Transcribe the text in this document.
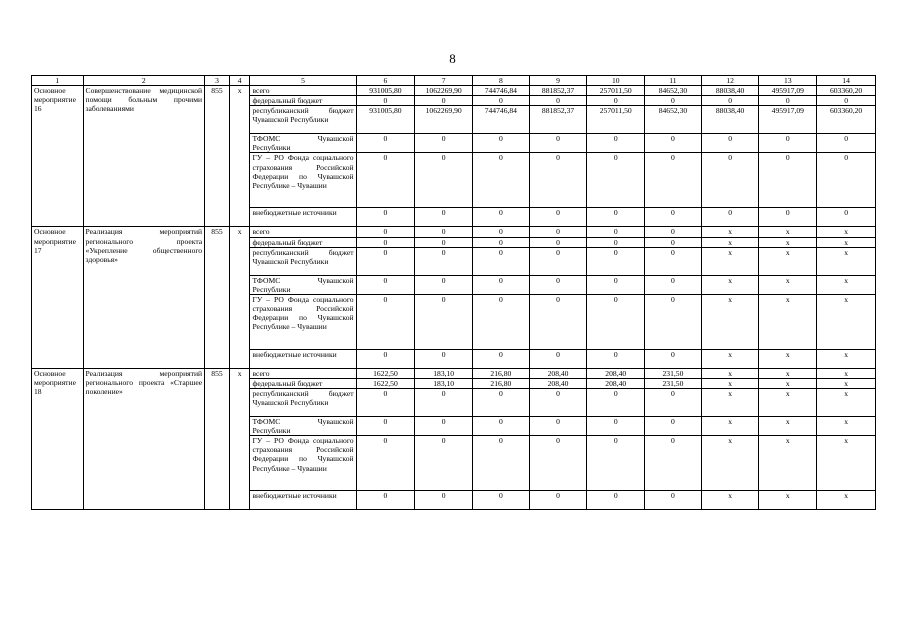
8
1	2	3	4	5	6	7	8	9	10	11	12	13	14
Основное мероприятие 16	Совершенствование медицинской помощи больным прочими заболеваниями	855	x	всего	931005,80	1062269,90	744746,84	881852,37	257011,50	84652,30	88038,40	495917,09	603360,20
				федеральный бюджет	0	0	0	0	0	0	0	0	0
				республиканский бюджет Чувашской Республики	931005,80	1062269,90	744746,84	881852,37	257011,50	84652,30	88038,40	495917,09	603360,20
				ТФОМС Чувашской Республики	0	0	0	0	0	0	0	0	0
				ГУ – РО Фонда социального страхования Российской Федерации по Чувашской Республике – Чувашии	0	0	0	0	0	0	0	0	0
				внебюджетные источники	0	0	0	0	0	0	0	0	0
Основное мероприятие 17	Реализация мероприятий регионального проекта «Укрепление общественного здоровья»	855	x	всего	0	0	0	0	0	0	x	x	x
				федеральный бюджет	0	0	0	0	0	0	x	x	x
				республиканский бюджет Чувашской Республики	0	0	0	0	0	0	x	x	x
				ТФОМС Чувашской Республики	0	0	0	0	0	0	x	x	x
				ГУ – РО Фонда социального страхования Российской Федерации по Чувашской Республике – Чувашии	0	0	0	0	0	0	x	x	x
				внебюджетные источники	0	0	0	0	0	0	x	x	x
Основное мероприятие 18	Реализация мероприятий регионального проекта «Старшее поколение»	855	x	всего	1622,50	183,10	216,80	208,40	208,40	231,50	x	x	x
				федеральный бюджет	1622,50	183,10	216,80	208,40	208,40	231,50	x	x	x
				республиканский бюджет Чувашской Республики	0	0	0	0	0	0	x	x	x
				ТФОМС Чувашской Республики	0	0	0	0	0	0	x	x	x
				ГУ – РО Фонда социального страхования Российской Федерации по Чувашской Республике – Чувашии	0	0	0	0	0	0	x	x	x
				внебюджетные источники	0	0	0	0	0	0	x	x	x
